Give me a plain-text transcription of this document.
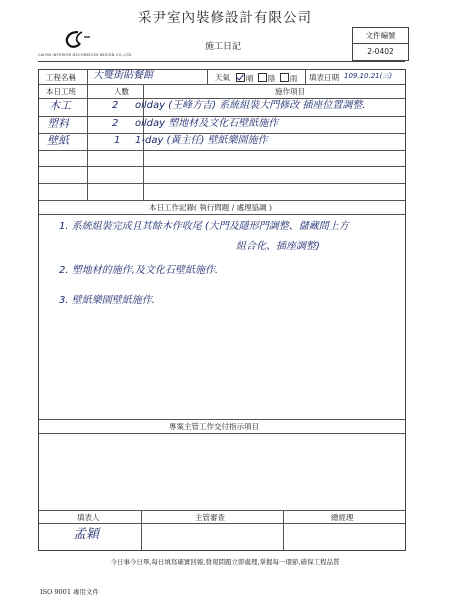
采尹室內裝修設計有限公司
CAIYIN INTERIOR DECORATION DESIGN CO.,LTD.
施工日記
文件編號
2-0402
工程名稱 大雙街貼餐館	天氣	晴 陰 雨 填表日期 109.10.21(三)
本日工班	人數	施作項目
木工	2 oilday (王峰方吉) 系統組裝大門修改 插座位置調整.
塑料	2 oilday 塑地材及文化石壁紙施作
壁紙	1 1-day (黃主任) 壁紙樂園施作
本日工作記錄( 執行問題 / 處理協調 )
1. 系統組裝完成且其餘木作收尾 (大門及隱形門調整、儲藏間上方
組合化、插座調整)
2. 塑地材的施作,及文化石壁紙施作.
3. 壁紙樂園壁紙施作.
專案主管工作交付指示項目
填表人	主管審查	總經理
孟穎
今日事今日畢,每日填寫確實回報,發現問題立即處理,掌握每一環節,確保工程品質
ISO 9001 專用文件
